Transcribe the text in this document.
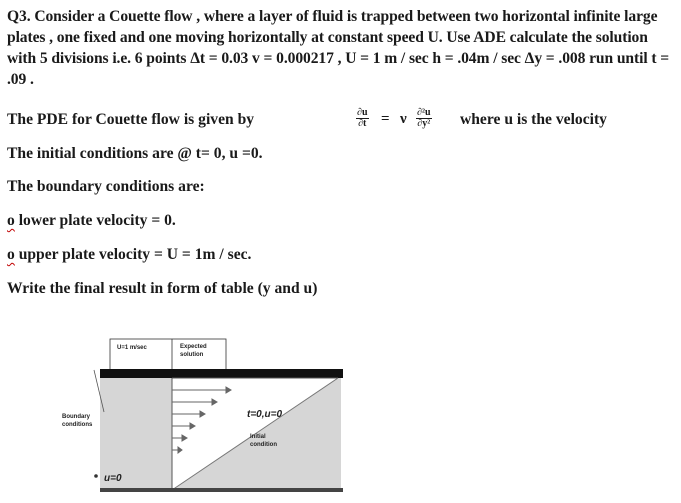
Q3. Consider a Couette flow , where a layer of fluid is trapped between two horizontal infinite large plates , one fixed and one moving horizontally at constant speed U. Use ADE calculate the solution with 5 divisions i.e. 6 points Δt = 0.03 v = 0.000217 , U = 1 m / sec h = .04m / sec Δy = .008 run until t = .09 .
The PDE for Couette flow is given by	$\frac{\partial u}{\partial t} = \nu \frac{\text{∂²u}}{\text{∂y²}}$ where u is the velocity
The initial conditions are @ t= 0, u =0.
The boundary conditions are:
o lower plate velocity = 0.
o upper plate velocity = U = 1m / sec.
Write the final result in form of table (y and u)
U=1 m/sec	Expected
solution
Boundary
conditions
t=0,u=0
Initial
condition
u=0
